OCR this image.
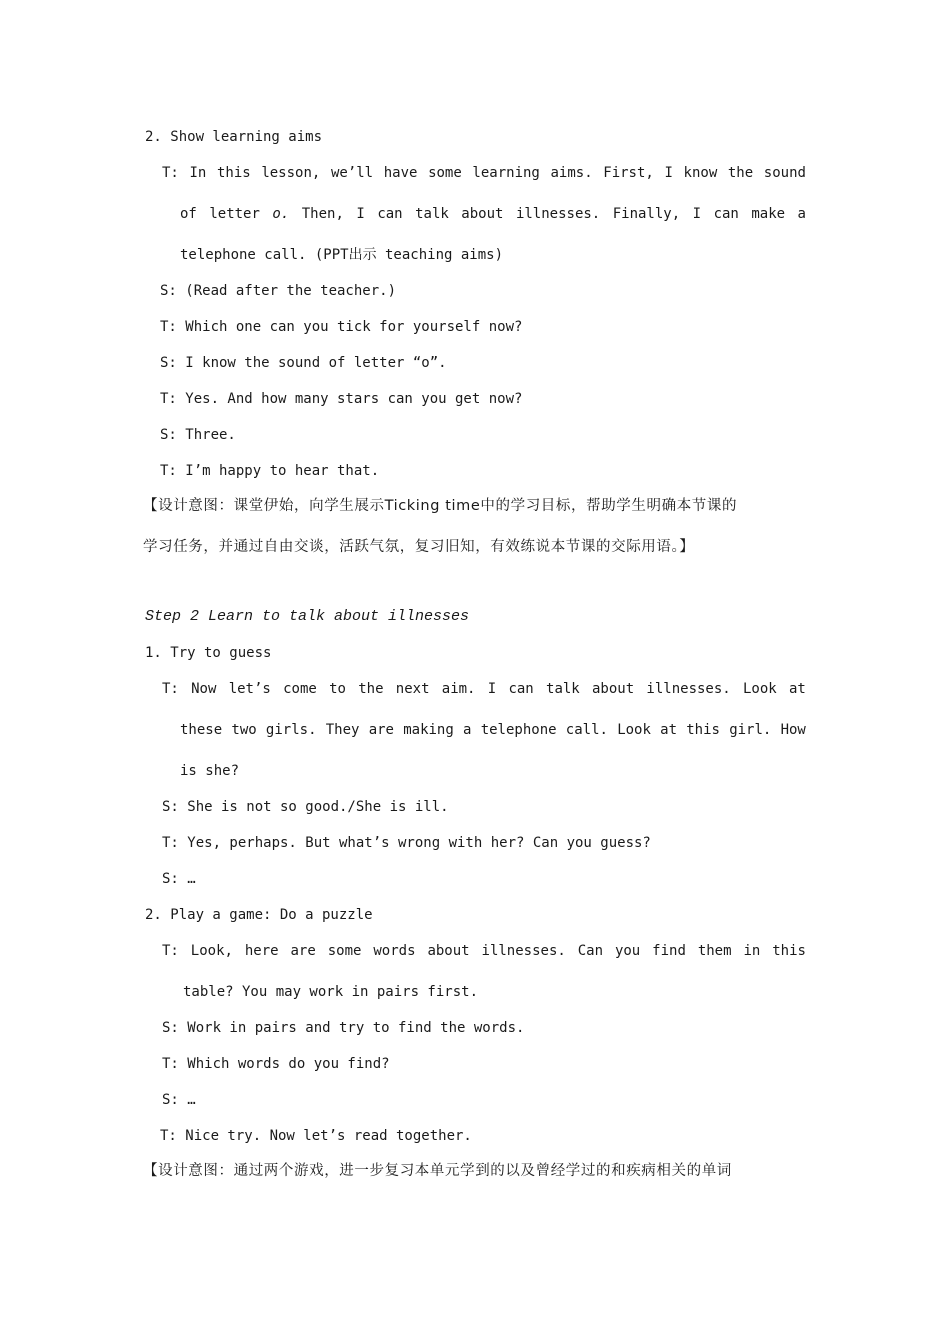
2. Show learning aims
T: In this lesson, we’ll have some learning aims. First, I know the sound
of letter o. Then, I can talk about illnesses. Finally, I can make a
telephone call. (PPT出示 teaching aims)
S: (Read after the teacher.)
T: Which one can you tick for yourself now?
S: I know the sound of letter “o”.
T: Yes. And how many stars can you get now?
S: Three.
T: I’m happy to hear that.
【设计意图：课堂伊始，向学生展示Ticking time中的学习目标，帮助学生明确本节课的
学习任务，并通过自由交谈，活跃气氛，复习旧知，有效练说本节课的交际用语。】
Step 2 Learn to talk about illnesses
1. Try to guess
T: Now let’s come to the next aim. I can talk about illnesses. Look at
these two girls. They are making a telephone call. Look at this girl. How
is she?
S: She is not so good./She is ill.
T: Yes, perhaps. But what’s wrong with her? Can you guess?
S: …
2. Play a game: Do a puzzle
T: Look, here are some words about illnesses. Can you find them in this
table? You may work in pairs first.
S: Work in pairs and try to find the words.
T: Which words do you find?
S: …
T: Nice try. Now let’s read together.
【设计意图：通过两个游戏，进一步复习本单元学到的以及曾经学过的和疾病相关的单词
